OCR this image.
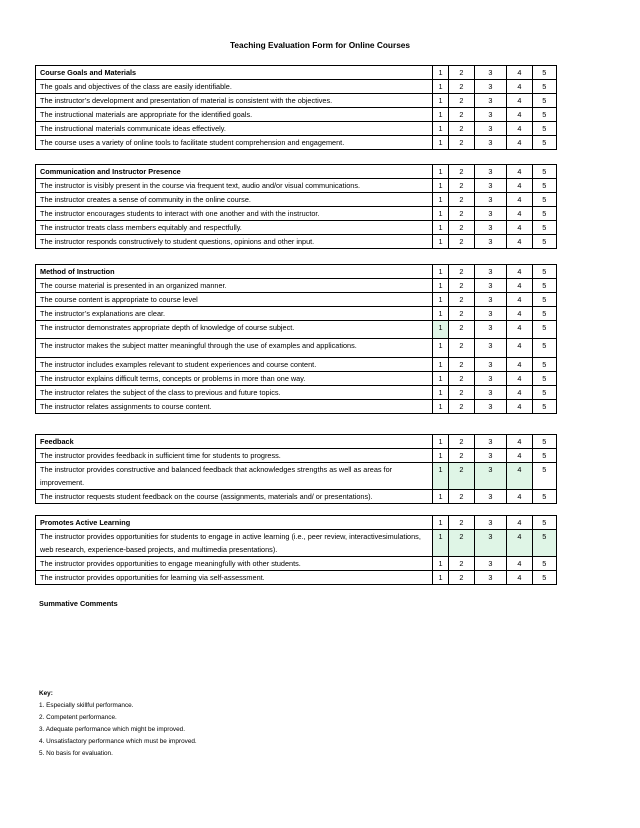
Teaching Evaluation Form for Online Courses
Course Goals and Materials	1	2	3	4	5
The goals and objectives of the class are easily identifiable.	1	2	3	4	5
The instructor’s development and presentation of material is consistent with the objectives.	1	2	3	4	5
The instructional materials are appropriate for the identified goals.	1	2	3	4	5
The instructional materials communicate ideas effectively.	1	2	3	4	5
The course uses a variety of online tools to facilitate student comprehension and engagement.	1	2	3	4	5
Communication and Instructor Presence	1	2	3	4	5
The instructor is visibly present in the course via frequent text, audio and/or visual communications.	1	2	3	4	5
The instructor creates a sense of community in the online course.	1	2	3	4	5
The instructor encourages students to interact with one another and with the instructor.	1	2	3	4	5
The instructor treats class members equitably and respectfully.	1	2	3	4	5
The instructor responds constructively to student questions, opinions and other input.	1	2	3	4	5
Method of Instruction	1	2	3	4	5
The course material is presented in an organized manner.	1	2	3	4	5
The course content is appropriate to course level	1	2	3	4	5
The instructor’s explanations are clear.	1	2	3	4	5
The instructor demonstrates appropriate depth of knowledge of course subject.	1	2	3	4	5
The instructor makes the subject matter meaningful through the use of examples and applications.	1	2	3	4	5
The instructor includes examples relevant to student experiences and course content.	1	2	3	4	5
The instructor explains difficult terms, concepts or problems in more than one way.	1	2	3	4	5
The instructor relates the subject of the class to previous and future topics.	1	2	3	4	5
The instructor relates assignments to course content.	1	2	3	4	5
Feedback	1	2	3	4	5
The instructor provides feedback in sufficient time for students to progress.	1	2	3	4	5
The instructor provides constructive and balanced feedback that acknowledges strengths as well as areas for improvement.	1	2	3	4	5
The instructor requests student feedback on the course (assignments, materials and/ or presentations).	1	2	3	4	5
Promotes Active Learning	1	2	3	4	5
The instructor provides opportunities for students to engage in active learning (i.e., peer review, interactivesimulations, web research, experience-based projects, and multimedia presentations).	1	2	3	4	5
The instructor provides opportunities to engage meaningfully with other students.	1	2	3	4	5
The instructor provides opportunities for learning via self-assessment.	1	2	3	4	5
Summative Comments
Key:
1. Especially skillful performance.
2. Competent performance.
3. Adequate performance which might be improved.
4. Unsatisfactory performance which must be improved.
5. No basis for evaluation.
